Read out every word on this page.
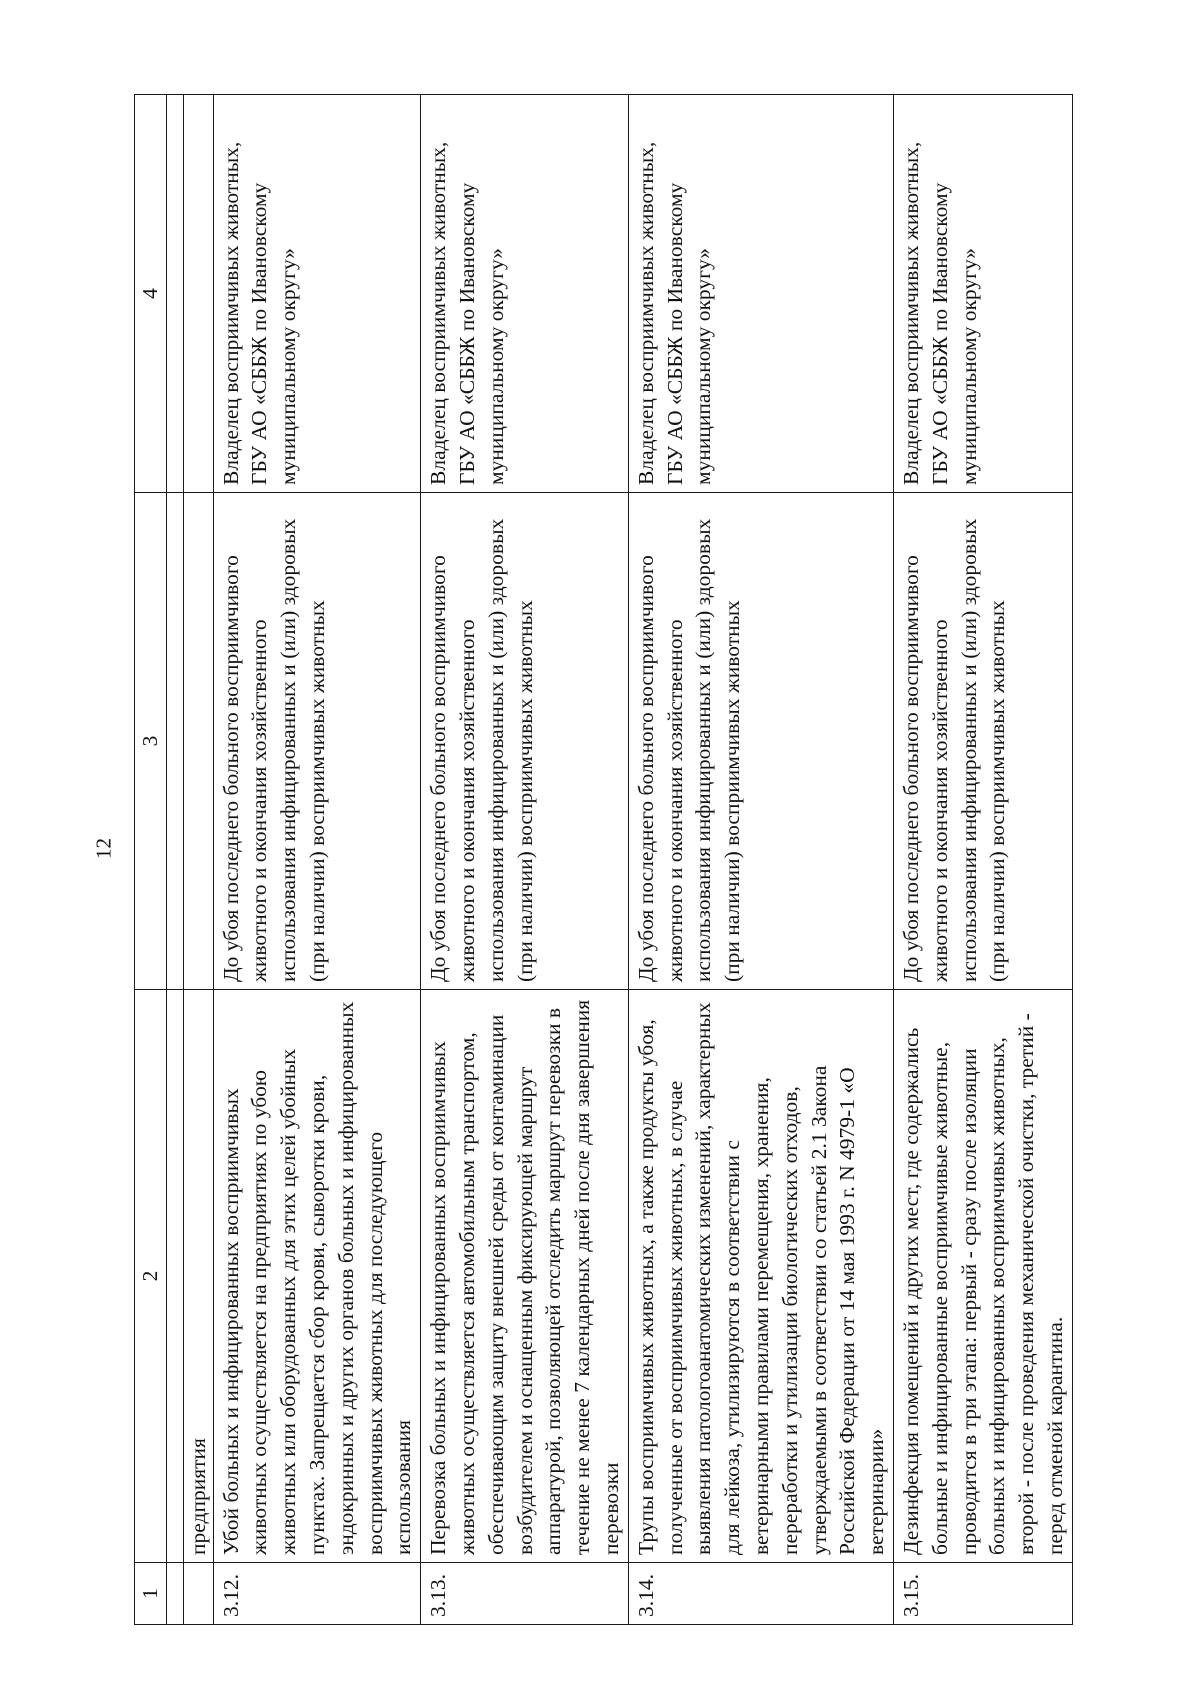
12
1	2	3	4

	предприятия		
3.12.	Убой больных и инфицированных восприимчивых животных осуществляется на предприятиях по убою животных или оборудованных для этих целей убойных пунктах. Запрещается сбор крови, сыворотки крови, эндокринных и других органов больных и инфицированных восприимчивых животных для последующего использования	До убоя последнего больного восприимчивого животного и окончания хозяйственного использования инфицированных и (или) здоровых (при наличии) восприимчивых животных	Владелец восприимчивых животных, ГБУ АО «СББЖ по Ивановскому муниципальному округу»
3.13.	Перевозка больных и инфицированных восприимчивых животных осуществляется автомобильным транспортом, обеспечивающим защиту внешней среды от контаминации возбудителем и оснащенным фиксирующей маршрут аппаратурой, позволяющей отследить маршрут перевозки в течение не менее 7 календарных дней после дня завершения перевозки	До убоя последнего больного восприимчивого животного и окончания хозяйственного использования инфицированных и (или) здоровых (при наличии) восприимчивых животных	Владелец восприимчивых животных, ГБУ АО «СББЖ по Ивановскому муниципальному округу»
3.14.	Трупы восприимчивых животных, а также продукты убоя, полученные от восприимчивых животных, в случае выявления патологоанатомических изменений, характерных для лейкоза, утилизируются в соответствии с ветеринарными правилами перемещения, хранения, переработки и утилизации биологических отходов, утверждаемыми в соответствии со статьей 2.1 Закона Российской Федерации от 14 мая 1993 г. N 4979-1 «О ветеринарии»	До убоя последнего больного восприимчивого животного и окончания хозяйственного использования инфицированных и (или) здоровых (при наличии) восприимчивых животных	Владелец восприимчивых животных, ГБУ АО «СББЖ по Ивановскому муниципальному округу»
3.15.	Дезинфекция помещений и других мест, где содержались больные и инфицированные восприимчивые животные, проводится в три этапа: первый - сразу после изоляции больных и инфицированных восприимчивых животных, второй - после проведения механической очистки, третий - перед отменой карантина.	До убоя последнего больного восприимчивого животного и окончания хозяйственного использования инфицированных и (или) здоровых (при наличии) восприимчивых животных	Владелец восприимчивых животных, ГБУ АО «СББЖ по Ивановскому муниципальному округу»
